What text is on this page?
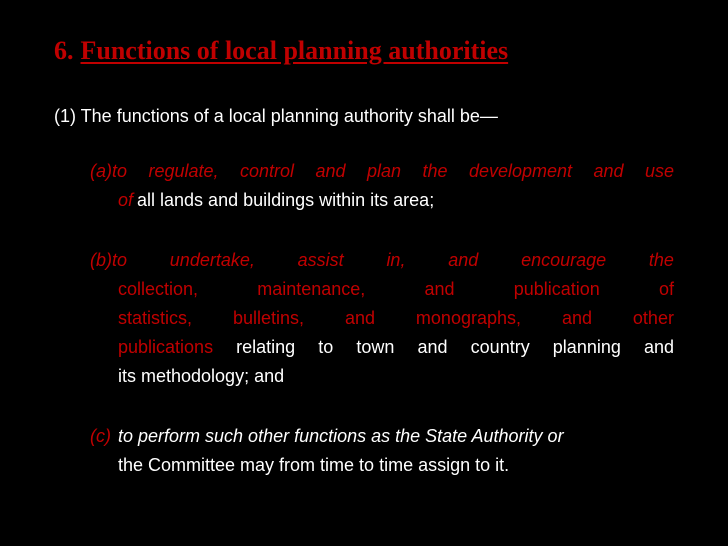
6. Functions of local planning authorities
(1) The functions of a local planning authority shall be—
(a)to regulate, control and plan the development and use
of all lands and buildings within its area;
(b)to undertake, assist in, and encourage the
collection,	maintenance,	and	publication	of
statistics, bulletins, and monographs, and other
publications relating to town and country planning and
its methodology; and
(c) to perform such other functions as the State Authority or
the Committee may from time to time assign to it.
